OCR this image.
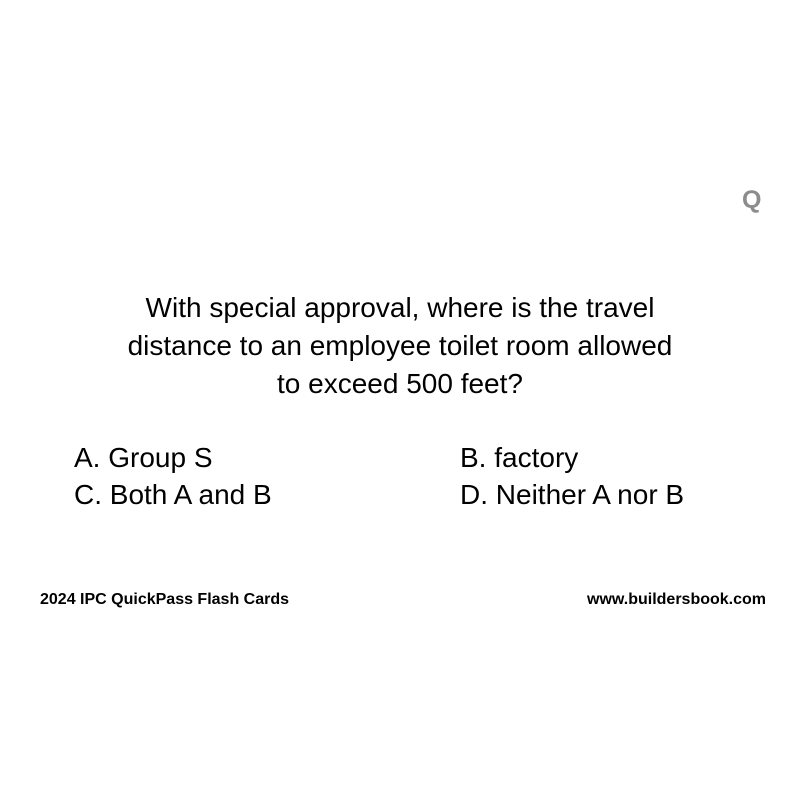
Q
With special approval, where is the travel
distance to an employee toilet room allowed
to exceed 500 feet?
A. Group S	B. factory
C. Both A and B	D. Neither A nor B
2024 IPC QuickPass Flash Cards	www.buildersbook.com
